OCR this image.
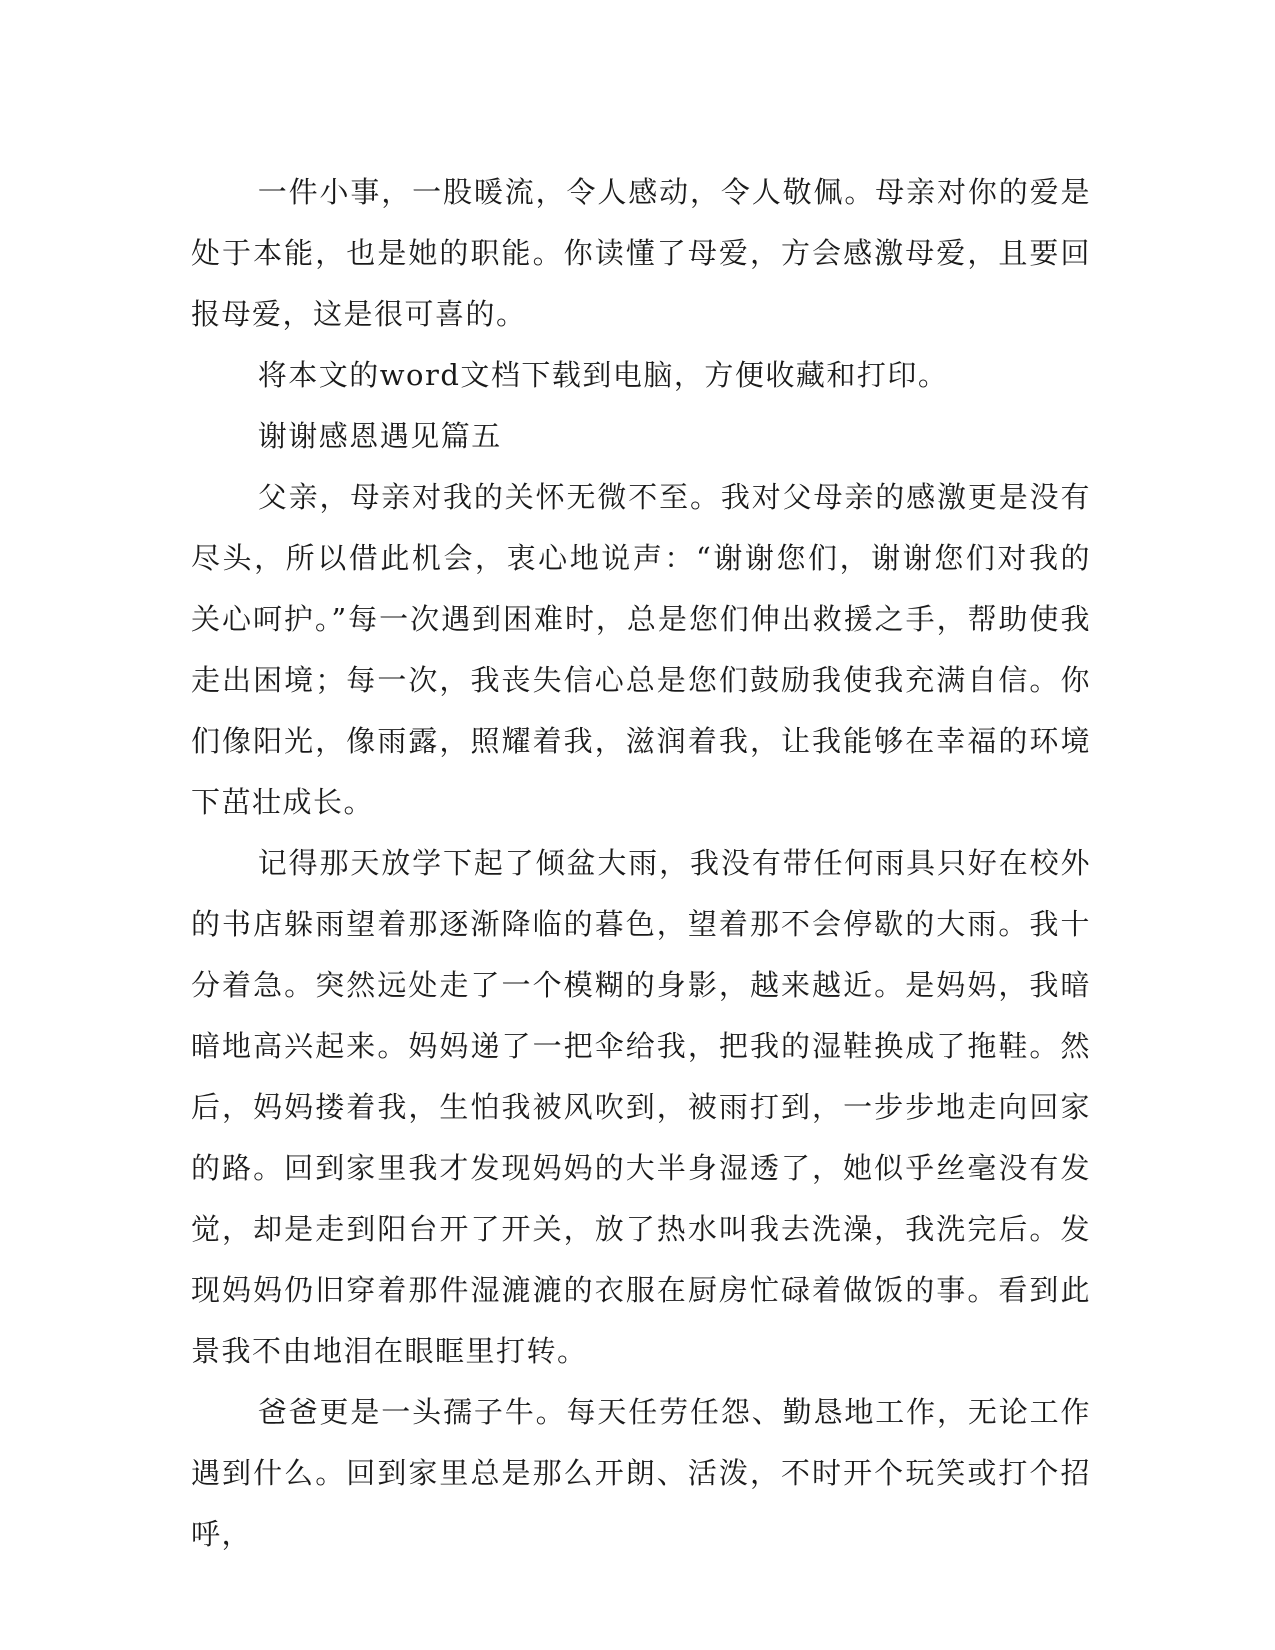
一件小事，一股暖流，令人感动，令人敬佩。母亲对你的爱是处于本能，也是她的职能。你读懂了母爱，方会感激母爱，且要回报母爱，这是很可喜的。

将本文的word文档下载到电脑，方便收藏和打印。

谢谢感恩遇见篇五

父亲，母亲对我的关怀无微不至。我对父母亲的感激更是没有尽头，所以借此机会，衷心地说声：“谢谢您们，谢谢您们对我的关心呵护。”每一次遇到困难时，总是您们伸出救援之手，帮助使我走出困境；每一次，我丧失信心总是您们鼓励我使我充满自信。你们像阳光，像雨露，照耀着我，滋润着我，让我能够在幸福的环境下茁壮成长。

记得那天放学下起了倾盆大雨，我没有带任何雨具只好在校外的书店躲雨望着那逐渐降临的暮色，望着那不会停歇的大雨。我十分着急。突然远处走了一个模糊的身影，越来越近。是妈妈，我暗暗地高兴起来。妈妈递了一把伞给我，把我的湿鞋换成了拖鞋。然后，妈妈搂着我，生怕我被风吹到，被雨打到，一步步地走向回家的路。回到家里我才发现妈妈的大半身湿透了，她似乎丝毫没有发觉，却是走到阳台开了开关，放了热水叫我去洗澡，我洗完后。发现妈妈仍旧穿着那件湿漉漉的衣服在厨房忙碌着做饭的事。看到此景我不由地泪在眼眶里打转。

爸爸更是一头孺子牛。每天任劳任怨、勤恳地工作，无论工作遇到什么。回到家里总是那么开朗、活泼，不时开个玩笑或打个招呼，
